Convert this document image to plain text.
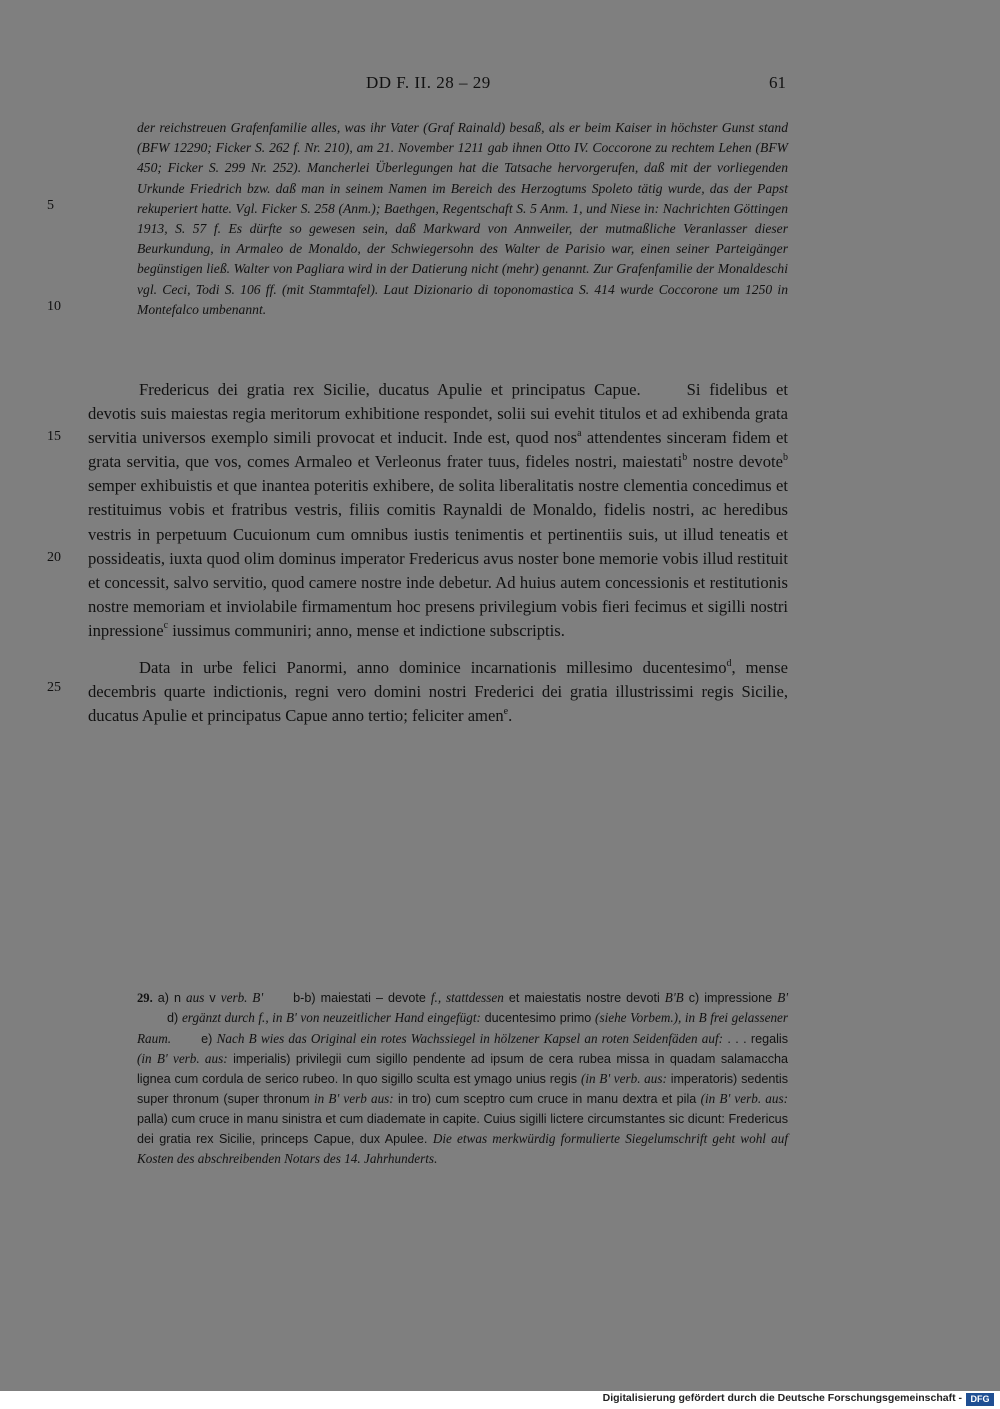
DD F. II. 28 – 29	61
5
10
15
20
25

der reichstreuen Grafenfamilie alles, was ihr Vater (Graf Rainald) besaß, als er beim Kaiser in höchster Gunst stand (BFW 12290; Ficker S. 262 f. Nr. 210), am 21. November 1211 gab ihnen Otto IV. Coccorone zu rechtem Lehen (BFW 450; Ficker S. 299 Nr. 252). Mancherlei Überlegungen hat die Tatsache hervorgerufen, daß mit der vorliegenden Urkunde Friedrich bzw. daß man in seinem Namen im Bereich des Herzogtums Spoleto tätig wurde, das der Papst rekuperiert hatte. Vgl. Ficker S. 258 (Anm.); Baethgen, Regentschaft S. 5 Anm. 1, und Niese in: Nachrichten Göttingen 1913, S. 57 f. Es dürfte so gewesen sein, daß Markward von Annweiler, der mutmaßliche Veranlasser dieser Beurkundung, in Armaleo de Monaldo, der Schwiegersohn des Walter de Parisio war, einen seiner Parteigänger begünstigen ließ. Walter von Pagliara wird in der Datierung nicht (mehr) genannt. Zur Grafenfamilie der Monaldeschi vgl. Ceci, Todi S. 106 ff. (mit Stammtafel). Laut Dizionario di toponomastica S. 414 wurde Coccorone um 1250 in Montefalco umbenannt.

Fredericus dei gratia rex Sicilie, ducatus Apulie et principatus Capue.	Si fidelibus et devotis suis maiestas regia meritorum exhibitione respondet, solii sui evehit titulos et ad exhibenda grata servitia universos exemplo simili provocat et inducit. Inde est, quod nos$^a$ attendentes sinceram fidem et grata servitia, que vos, comes Armaleo et Verleonus frater tuus, fideles nostri, maiestati$^b$ nostre devote$^b$ semper exhibuistis et que inantea poteritis exhibere, de solita liberalitatis nostre clementia concedimus et restituimus vobis et fratribus vestris, filiis comitis Raynaldi de Monaldo, fidelis nostri, ac heredibus vestris in perpetuum Cucuionum cum omnibus iustis tenimentis et pertinentiis suis, ut illud teneatis et possideatis, iuxta quod olim dominus imperator Fredericus avus noster bone memorie vobis illud restituit et concessit, salvo servitio, quod camere nostre inde debetur. Ad huius autem concessionis et restitutionis nostre memoriam et inviolabile firmamentum hoc presens privilegium vobis fieri fecimus et sigilli nostri inpressione$^c$ iussimus communiri; anno, mense et indictione subscriptis.

Data in urbe felici Panormi, anno dominice incarnationis millesimo ducentesimo$^d$, mense decembris quarte indictionis, regni vero domini nostri Frederici dei gratia illustrissimi regis Sicilie, ducatus Apulie et principatus Capue anno tertio; feliciter amen$^e$.

29. a) n aus v verb. B' b-b) maiestati – devote f., stattdessen et maiestatis nostre devoti B'B c) impressione B'd) ergänzt durch f., in B' von neuzeitlicher Hand eingefügt: ducentesimo primo (siehe Vorbem.), in B frei gelassener Raum. e) Nach B wies das Original ein rotes Wachssiegel in hölzener Kapsel an roten Seidenfäden auf: . . . regalis (in B' verb. aus: imperialis) privilegii cum sigillo pendente ad ipsum de cera rubea missa in quadam salamaccha lignea cum cordula de serico rubeo. In quo sigillo sculta est ymago unius regis (in B' verb. aus: imperatoris) sedentis super thronum (super thronum in B' verb aus: in tro) cum sceptro cum cruce in manu dextra et pila (in B' verb. aus: palla) cum cruce in manu sinistra et cum diademate in capite. Cuius sigilli lictere circumstantes sic dicunt: Fredericus dei gratia rex Sicilie, princeps Capue, dux Apulee. Die etwas merkwürdig formulierte Siegelumschrift geht wohl auf Kosten des abschreibenden Notars des 14. Jahrhunderts.

Digitalisierung gefördert durch die Deutsche Forschungsgemeinschaft - DFG
